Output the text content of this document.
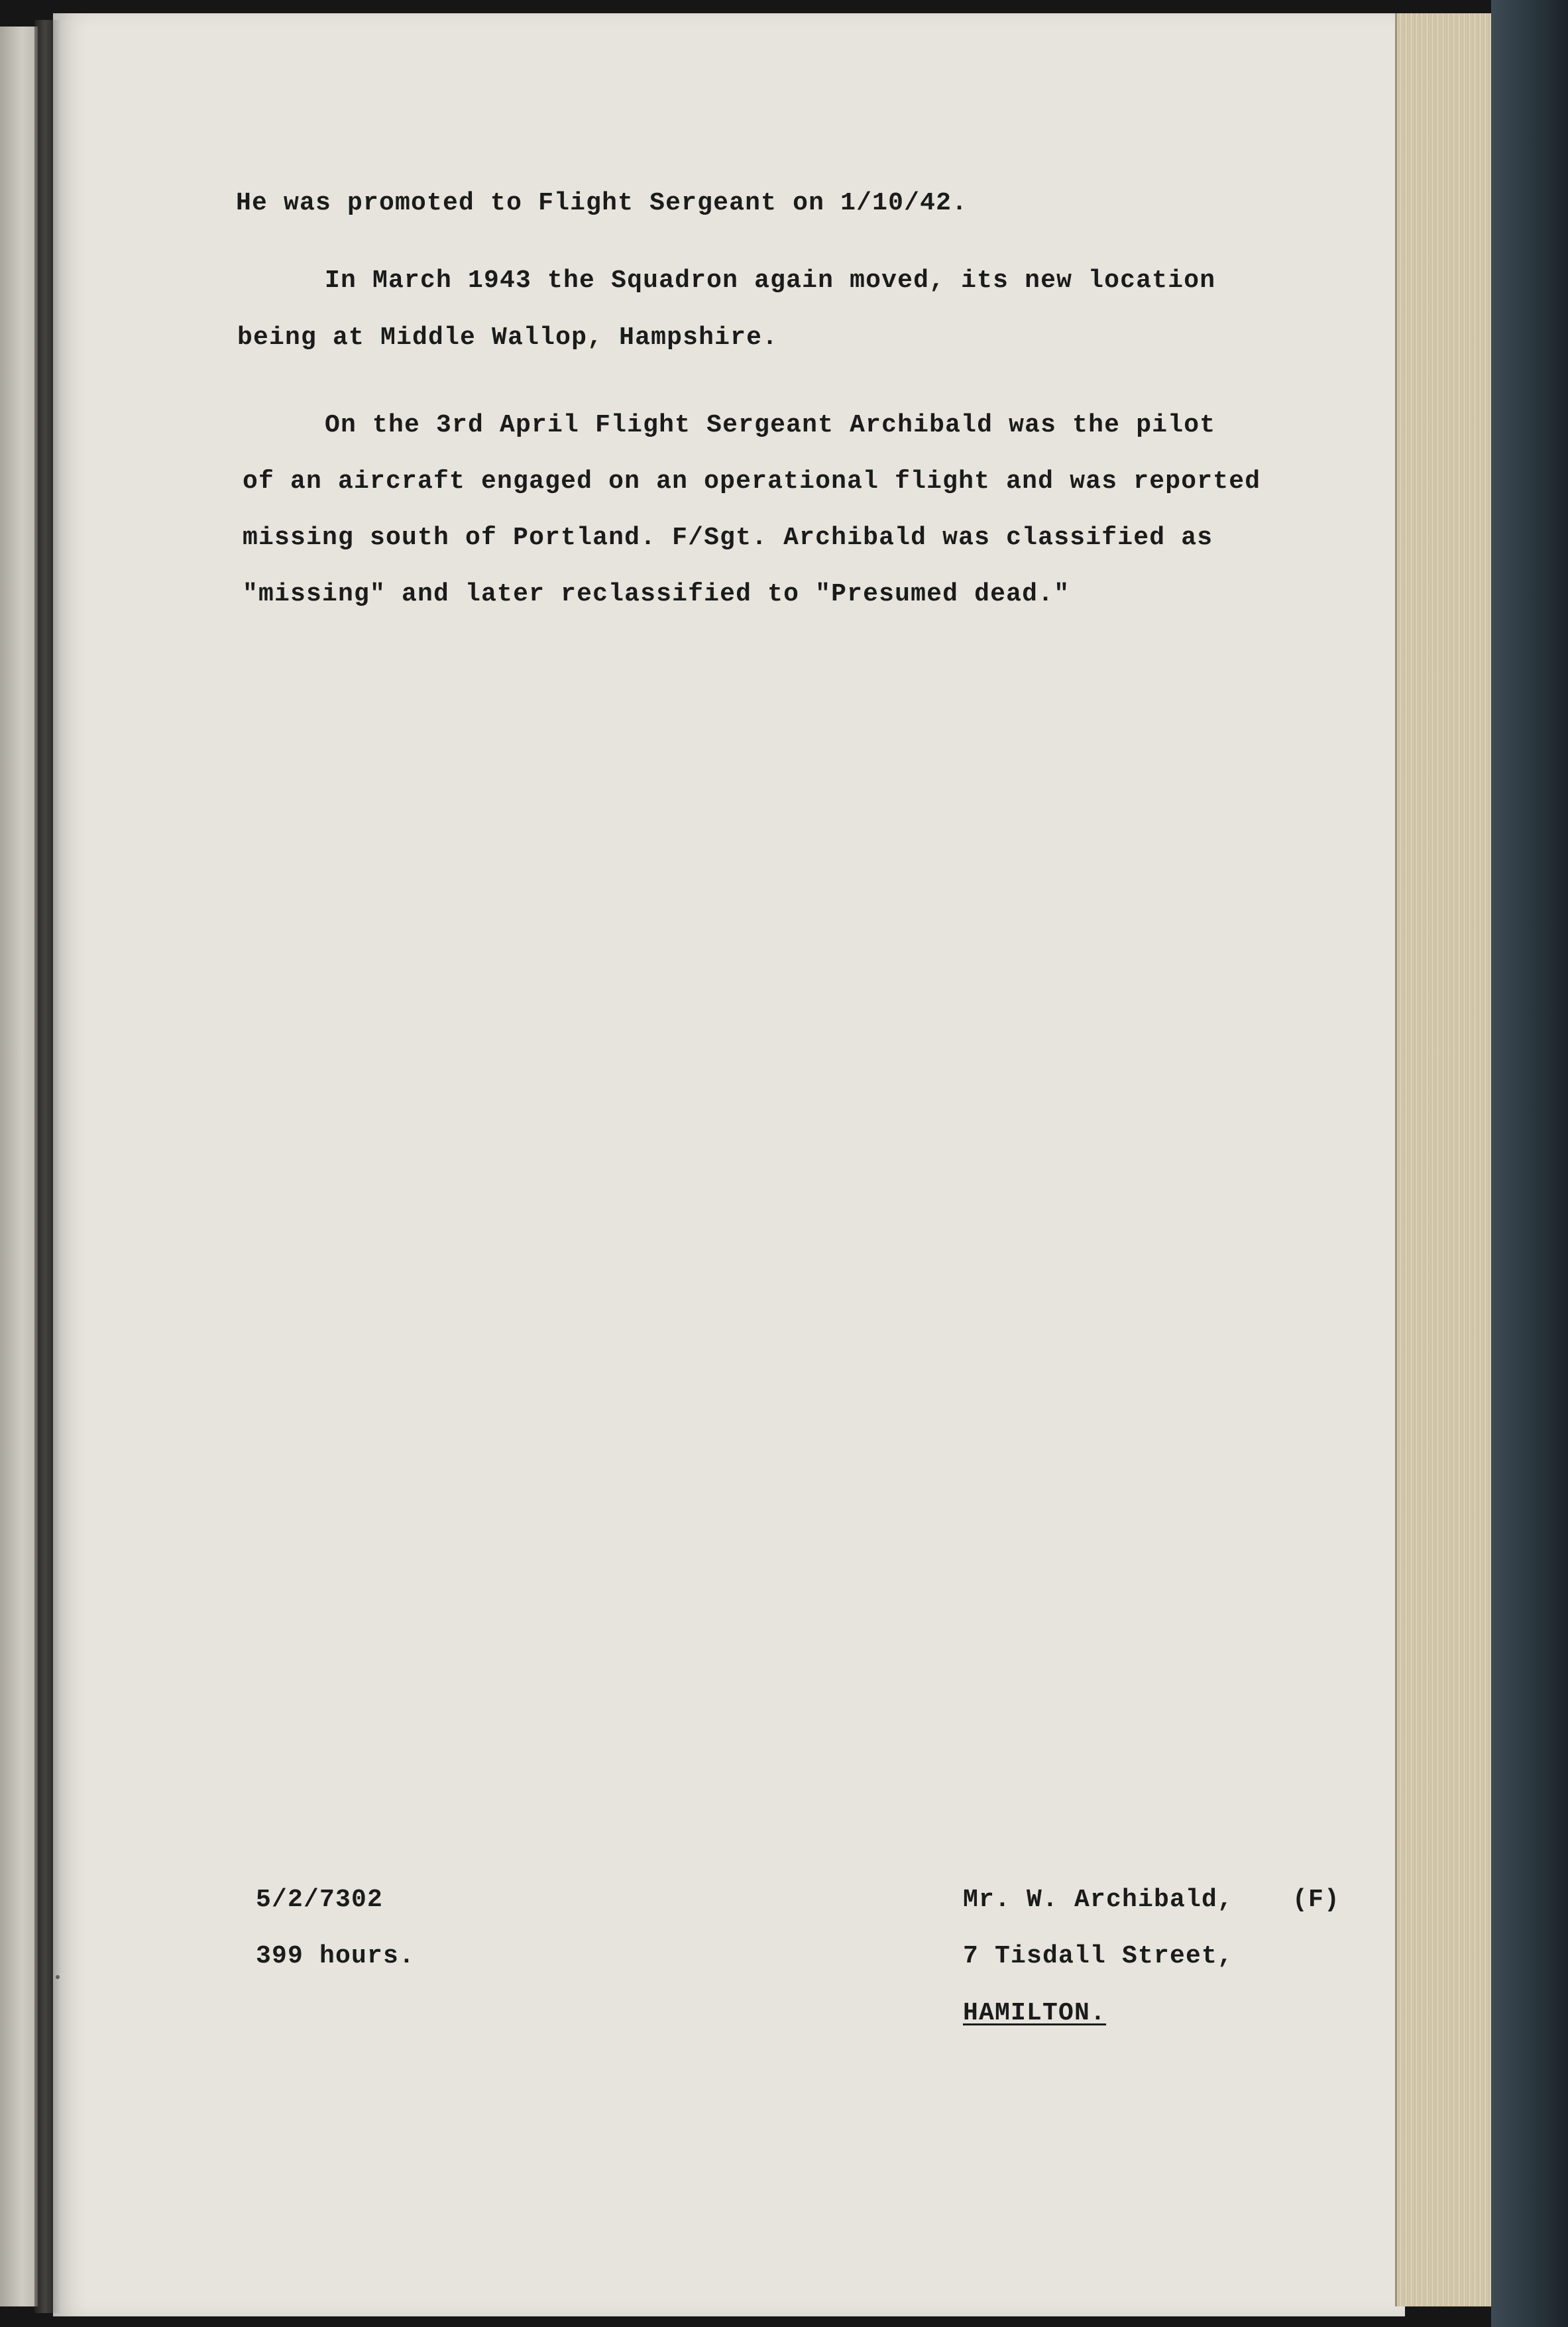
He was promoted to Flight Sergeant on 1/10/42.
In March 1943 the Squadron again moved, its new location
being at Middle Wallop, Hampshire.
On the 3rd April Flight Sergeant Archibald was the pilot
of an aircraft engaged on an operational flight and was reported
missing south of Portland. F/Sgt. Archibald was classified as
"missing" and later reclassified to "Presumed dead."
5/2/7302
399 hours.
Mr. W. Archibald, (F)
7 Tisdall Street,
HAMILTON.
